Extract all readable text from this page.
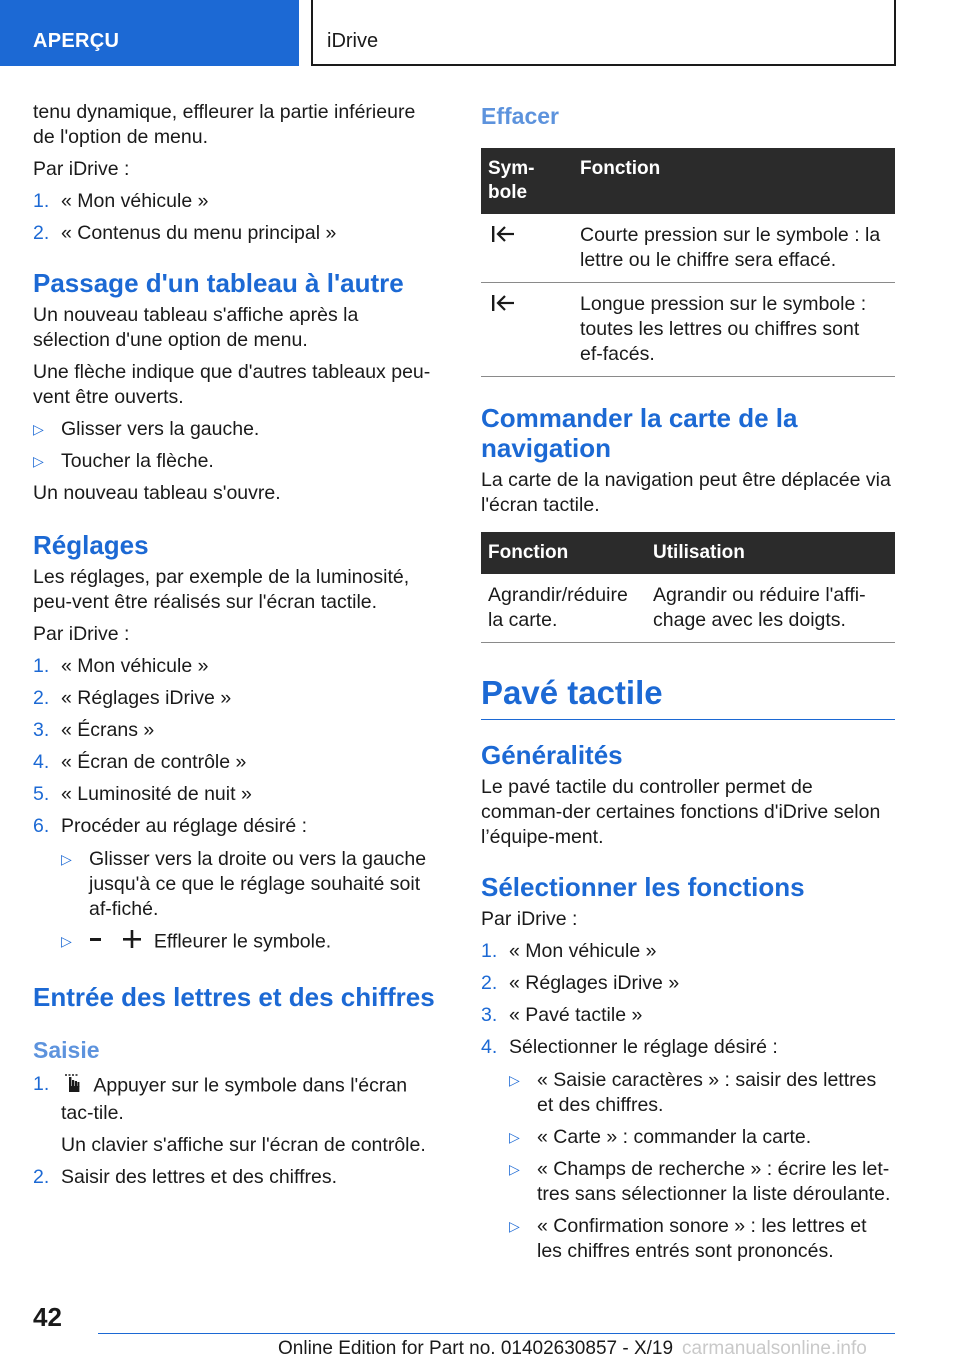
APERÇU	iDrive

tenu dynamique, effleurer la partie inférieure de l'option de menu.

Par iDrive :

1. « Mon véhicule »
2. « Contenus du menu principal »
Passage d'un tableau à l'autre

Un nouveau tableau s'affiche après la sélection d'une option de menu.

Une flèche indique que d'autres tableaux peu-vent être ouverts.

▷ Glisser vers la gauche.
▷ Toucher la flèche.

Un nouveau tableau s'ouvre.

Réglages

Les réglages, par exemple de la luminosité, peu-vent être réalisés sur l'écran tactile.

Par iDrive :

1. « Mon véhicule »
2. « Réglages iDrive »
3. « Écrans »
4. « Écran de contrôle »
5. « Luminosité de nuit »
6. Procéder au réglage désiré :
▷ Glisser vers la droite ou vers la gauche jusqu'à ce que le réglage souhaité soit af-fiché.
▷	Effleurer le symbole.
Entrée des lettres et des chiffres
Saisie
1. Appuyer sur le symbole dans l'écran tac-tile.
Un clavier s'affiche sur l'écran de contrôle.
2. Saisir des lettres et des chiffres.
Effacer
Sym-bole	Fonction
	Courte pression sur le symbole : la lettre ou le chiffre sera effacé.
	Longue pression sur le symbole : toutes les lettres ou chiffres sont ef-facés.
Commander la carte de la navigation

La carte de la navigation peut être déplacée via l'écran tactile.

Fonction	Utilisation
Agrandir/réduire la carte.	Agrandir ou réduire l'affi-chage avec les doigts.
Pavé tactile
Généralités

Le pavé tactile du controller permet de comman-der certaines fonctions d'iDrive selon l’équipe-ment.

Sélectionner les fonctions

Par iDrive :

1. « Mon véhicule »
2. « Réglages iDrive »
3. « Pavé tactile »
4. Sélectionner le réglage désiré :
▷ « Saisie caractères » : saisir des lettres et des chiffres.
▷ « Carte » : commander la carte.
▷ « Champs de recherche » : écrire les let-tres sans sélectionner la liste déroulante.
▷ « Confirmation sonore » : les lettres et les chiffres entrés sont prononcés.
42
Online Edition for Part no. 01402630857 - X/19 carmanualsonline.info
